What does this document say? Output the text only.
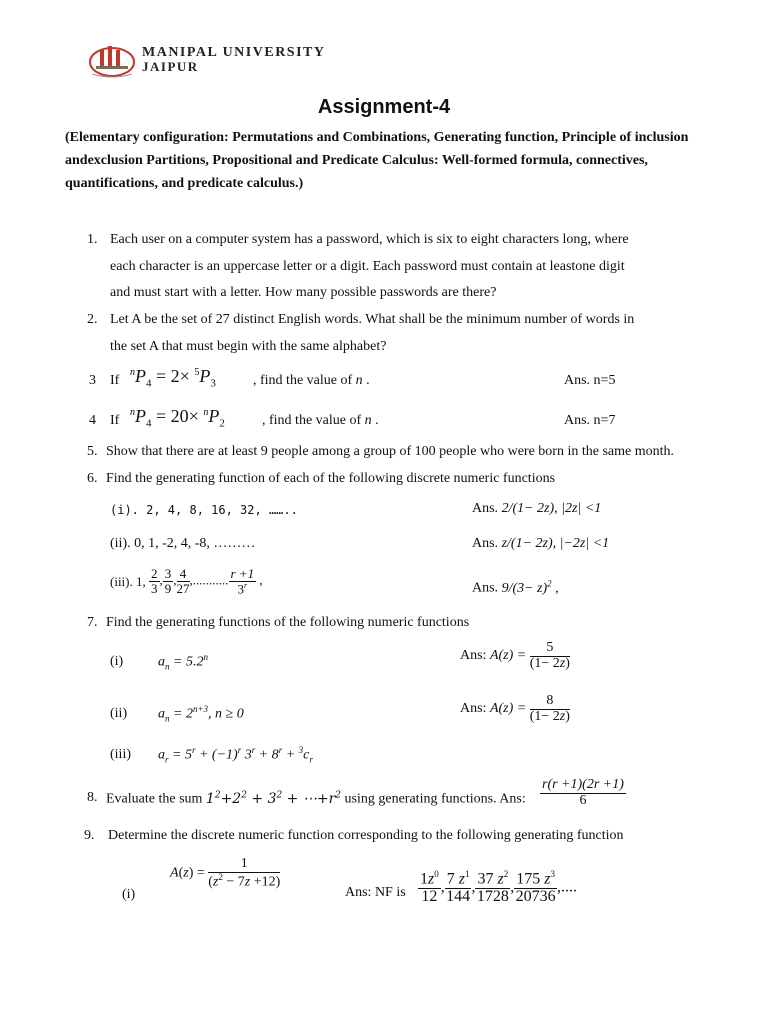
MANIPAL UNIVERSITY
JAIPUR
Assignment-4
(Elementary configuration: Permutations and Combinations, Generating function, Principle of inclusion andexclusion Partitions, Propositional and Predicate Calculus: Well-formed formula, connectives, quantifications, and predicate calculus.)
1. Each user on a computer system has a password, which is six to eight characters long, where
each character is an uppercase letter or a digit. Each password must contain at leastone digit
and must start with a letter. How many possible passwords are there?
2. Let A be the set of 27 distinct English words. What shall be the minimum number of words in
the set A that must begin with the same alphabet?
3 If
$^nP_4 = 2\times ^5P_3$	, find the value of n .	Ans. n=5
4 If
$^nP_4 = 20\times ^nP_2$	, find the value of n .	Ans. n=7
5. Show that there are at least 9 people among a group of 100 people who were born in the same month.
6. Find the generating function of each of the following discrete numeric functions
(i). 2, 4, 8, 16, 32, ……..	Ans. 2/(1− 2z), |2z| <1
(ii). 0, 1, -2, 4, -8, ………	Ans. z/(1− 2z), |−2z| <1
(iii). 1, $\frac{2}{3}$ , $\frac{3}{9}$ , $\frac{4}{27}$ ,........... $\frac{r +1}{3^r}$ ,
Ans. $9/(3- z)^2$ ,
7. Find the generating functions of the following numeric functions
(i) $a_n = 5.2^n$	Ans: $A(z) = \frac{5}{(1- 2z)}$
(ii) $a_n = 2^{n+3}$, n ≥ 0	Ans: $A(z) = \frac{8}{(1- 2z)}$
(iii) $a_r = 5^r + (-1)^r$ $3^r + 8^r + ^3c_r$
8. Evaluate the sum $1^2+2^2 + 3^2$ + $\cdots+r^2$ using generating functions. Ans: $\frac{r(r +1)(2r +1)}{6}$
9. Determine the discrete numeric function corresponding to the following generating function
(i)
$A(z) = \frac{1}{(z^2 - 7z +12)}$
Ans: NF is $\frac{1z^0}{12}$ , $\frac{7 z^1}{144}$ , $\frac{37 z^2}{1728}$ , $\frac{175 z^3}{20736}$ ,....
